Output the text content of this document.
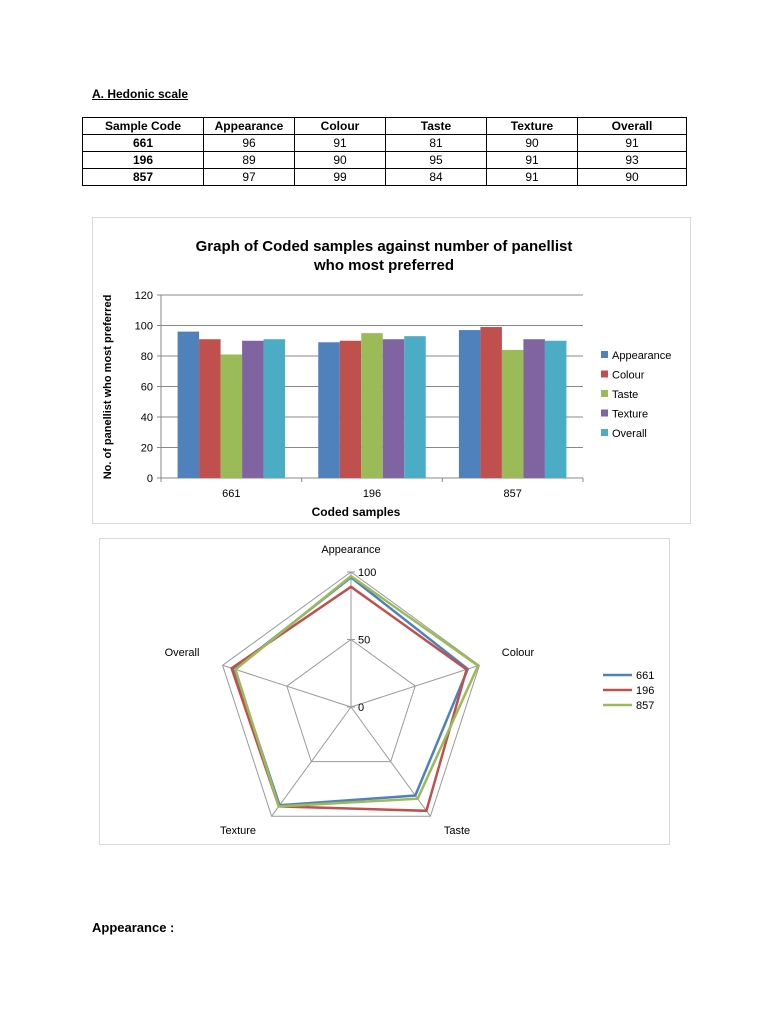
A. Hedonic scale
Sample Code	Appearance	Colour	Taste	Texture	Overall
661	96	91	81	90	91
196	89	90	95	91	93
857	97	99	84	91	90
Graph of Coded samples against number of panellist
who most preferred
0
20
40
60
80
100
120
661	196	857
Coded samples
No. of panellist who most preferred	Appearance
Colour
Taste
Texture
Overall
0
50
100
Appearance
Colour
Taste
Texture
Overall
661
196
857
Appearance :
